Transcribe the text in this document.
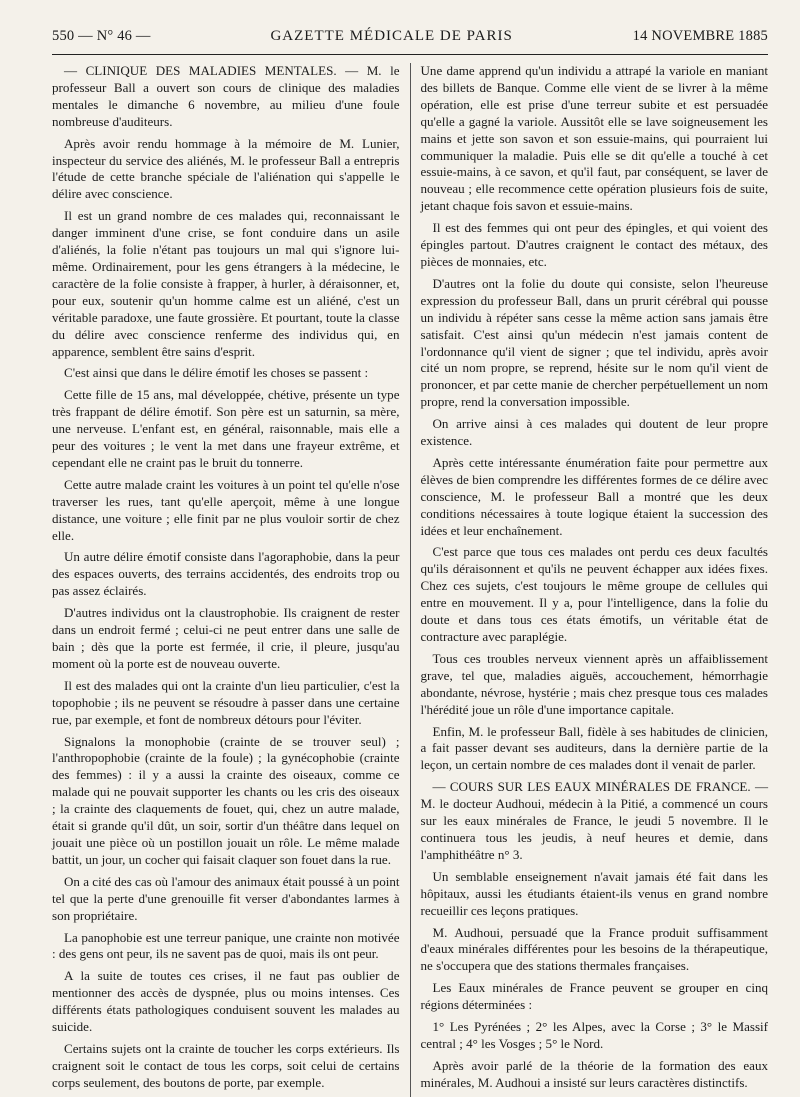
550 — N° 46 —	GAZETTE MÉDICALE DE PARIS	14 NOVEMBRE 1885

— CLINIQUE DES MALADIES MENTALES. — M. le professeur Ball a ouvert son cours de clinique des maladies mentales le dimanche 6 novembre, au milieu d'une foule nombreuse d'auditeurs.

Après avoir rendu hommage à la mémoire de M. Lunier, inspecteur du service des aliénés, M. le professeur Ball a entrepris l'étude de cette branche spéciale de l'aliénation qui s'appelle le délire avec conscience.

Il est un grand nombre de ces malades qui, reconnaissant le danger imminent d'une crise, se font conduire dans un asile d'aliénés, la folie n'étant pas toujours un mal qui s'ignore lui-même. Ordinairement, pour les gens étrangers à la médecine, le caractère de la folie consiste à frapper, à hurler, à déraisonner, et, pour eux, soutenir qu'un homme calme est un aliéné, c'est un véritable paradoxe, une faute grossière. Et pourtant, toute la classe du délire avec conscience renferme des individus qui, en apparence, semblent être sains d'esprit.

C'est ainsi que dans le délire émotif les choses se passent :

Cette fille de 15 ans, mal développée, chétive, présente un type très frappant de délire émotif. Son père est un saturnin, sa mère, une nerveuse. L'enfant est, en général, raisonnable, mais elle a peur des voitures ; le vent la met dans une frayeur extrême, et cependant elle ne craint pas le bruit du tonnerre.

Cette autre malade craint les voitures à un point tel qu'elle n'ose traverser les rues, tant qu'elle aperçoit, même à une longue distance, une voiture ; elle finit par ne plus vouloir sortir de chez elle.

Un autre délire émotif consiste dans l'agoraphobie, dans la peur des espaces ouverts, des terrains accidentés, des endroits trop ou pas assez éclairés.

D'autres individus ont la claustrophobie. Ils craignent de rester dans un endroit fermé ; celui-ci ne peut entrer dans une salle de bain ; dès que la porte est fermée, il crie, il pleure, jusqu'au moment où la porte est de nouveau ouverte.

Il est des malades qui ont la crainte d'un lieu particulier, c'est la topophobie ; ils ne peuvent se résoudre à passer dans une certaine rue, par exemple, et font de nombreux détours pour l'éviter.

Signalons la monophobie (crainte de se trouver seul) ; l'anthropophobie (crainte de la foule) ; la gynécophobie (crainte des femmes) : il y a aussi la crainte des oiseaux, comme ce malade qui ne pouvait supporter les chants ou les cris des oiseaux ; la crainte des claquements de fouet, qui, chez un autre malade, était si grande qu'il dût, un soir, sortir d'un théâtre dans lequel on jouait une pièce où un postillon jouait un rôle. Le même malade battit, un jour, un cocher qui faisait claquer son fouet dans la rue.

On a cité des cas où l'amour des animaux était poussé à un point tel que la perte d'une grenouille fit verser d'abondantes larmes à son propriétaire.

La panophobie est une terreur panique, une crainte non motivée : des gens ont peur, ils ne savent pas de quoi, mais ils ont peur.

A la suite de toutes ces crises, il ne faut pas oublier de mentionner des accès de dyspnée, plus ou moins intenses. Ces différents états pathologiques conduisent souvent les malades au suicide.

Certains sujets ont la crainte de toucher les corps extérieurs. Ils craignent soit le contact de tous les corps, soit celui de certains corps seulement, des boutons de porte, par exemple.

Une dame apprend qu'un individu a attrapé la variole en maniant des billets de Banque. Comme elle vient de se livrer à la même opération, elle est prise d'une terreur subite et est persuadée qu'elle a gagné la variole. Aussitôt elle se lave soigneusement les mains et jette son savon et son essuie-mains, qui pourraient lui communiquer la maladie. Puis elle se dit qu'elle a touché à cet essuie-mains, à ce savon, et qu'il faut, par conséquent, se laver de nouveau ; elle recommence cette opération plusieurs fois de suite, jetant chaque fois savon et essuie-mains.

Il est des femmes qui ont peur des épingles, et qui voient des épingles partout. D'autres craignent le contact des métaux, des pièces de monnaies, etc.

D'autres ont la folie du doute qui consiste, selon l'heureuse expression du professeur Ball, dans un prurit cérébral qui pousse un individu à répéter sans cesse la même action sans jamais être satisfait. C'est ainsi qu'un médecin n'est jamais content de l'ordonnance qu'il vient de signer ; que tel individu, après avoir cité un nom propre, se reprend, hésite sur le nom qu'il vient de prononcer, et par cette manie de chercher perpétuellement un nom propre, rend la conversation impossible.

On arrive ainsi à ces malades qui doutent de leur propre existence.

Après cette intéressante énumération faite pour permettre aux élèves de bien comprendre les différentes formes de ce délire avec conscience, M. le professeur Ball a montré que les deux conditions nécessaires à toute logique étaient la succession des idées et leur enchaînement.

C'est parce que tous ces malades ont perdu ces deux facultés qu'ils déraisonnent et qu'ils ne peuvent échapper aux idées fixes. Chez ces sujets, c'est toujours le même groupe de cellules qui entre en mouvement. Il y a, pour l'intelligence, dans la folie du doute et dans tous ces états émotifs, un véritable état de contracture avec paraplégie.

Tous ces troubles nerveux viennent après un affaiblissement grave, tel que, maladies aiguës, accouchement, hémorrhagie abondante, névrose, hystérie ; mais chez presque tous ces malades l'hérédité joue un rôle d'une importance capitale.

Enfin, M. le professeur Ball, fidèle à ses habitudes de clinicien, a fait passer devant ses auditeurs, dans la dernière partie de la leçon, un certain nombre de ces malades dont il venait de parler.

— COURS SUR LES EAUX MINÉRALES DE FRANCE. — M. le docteur Audhoui, médecin à la Pitié, a commencé un cours sur les eaux minérales de France, le jeudi 5 novembre. Il le continuera tous les jeudis, à neuf heures et demie, dans l'amphithéâtre n° 3.

Un semblable enseignement n'avait jamais été fait dans les hôpitaux, aussi les étudiants étaient-ils venus en grand nombre recueillir ces leçons pratiques.

M. Audhoui, persuadé que la France produit suffisamment d'eaux minérales différentes pour les besoins de la thérapeutique, ne s'occupera que des stations thermales françaises.

Les Eaux minérales de France peuvent se grouper en cinq régions déterminées :

1° Les Pyrénées ; 2° les Alpes, avec la Corse ; 3° le Massif central ; 4° les Vosges ; 5° le Nord.

Après avoir parlé de la théorie de la formation des eaux minérales, M. Audhoui a insisté sur leurs caractères distinctifs.
